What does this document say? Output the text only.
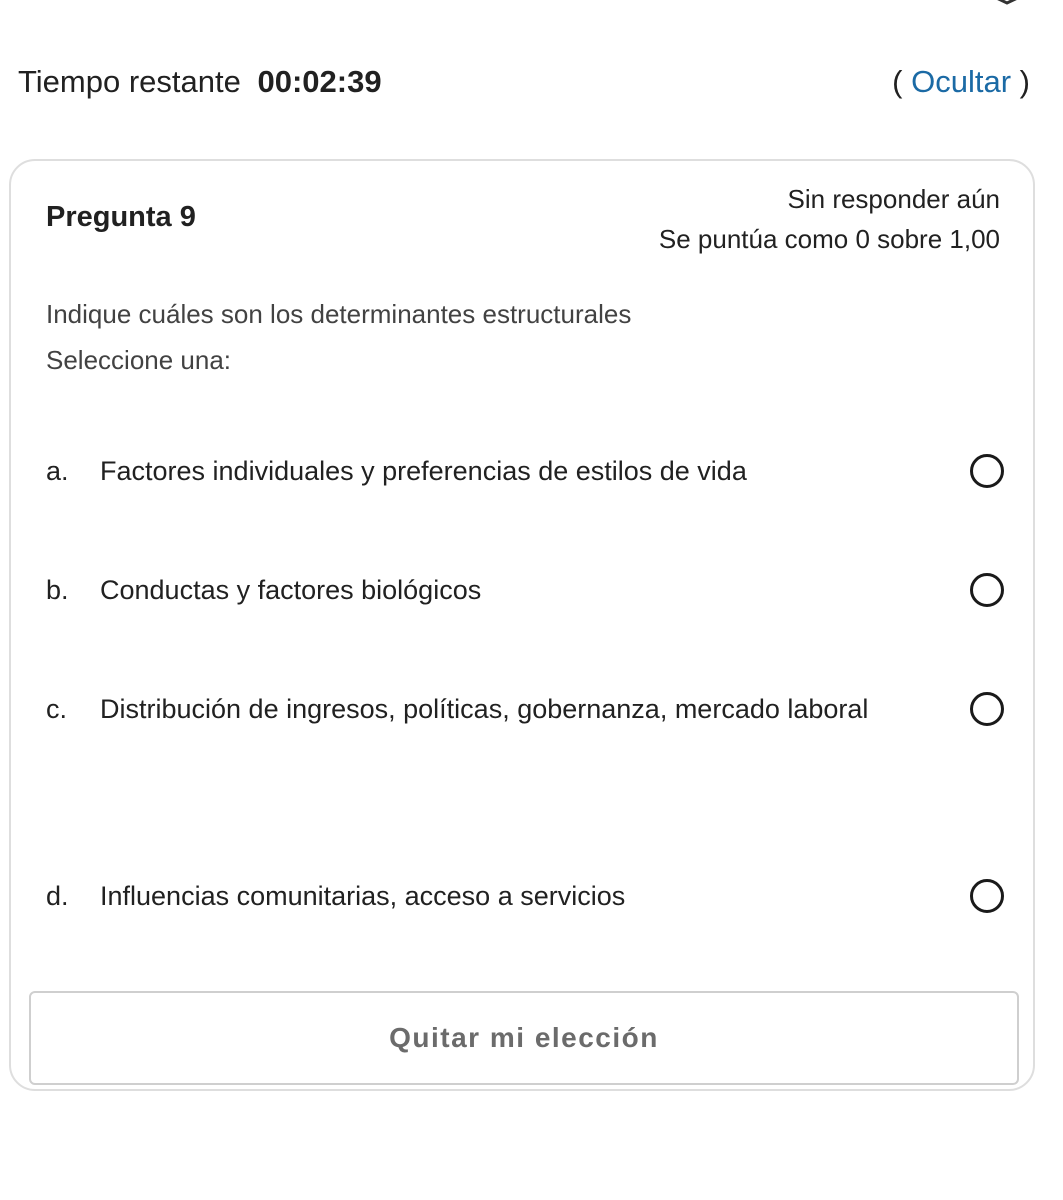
Tiempo restante 00:02:39	( Ocultar )
Pregunta 9
Sin responder aún
Se puntúa como 0 sobre 1,00
Indique cuáles son los determinantes estructurales
Seleccione una:
a.	Factores individuales y preferencias de estilos de vida
b.	Conductas y factores biológicos
c.	Distribución de ingresos, políticas, gobernanza, mercado laboral
d.	Influencias comunitarias, acceso a servicios
Quitar mi elección
